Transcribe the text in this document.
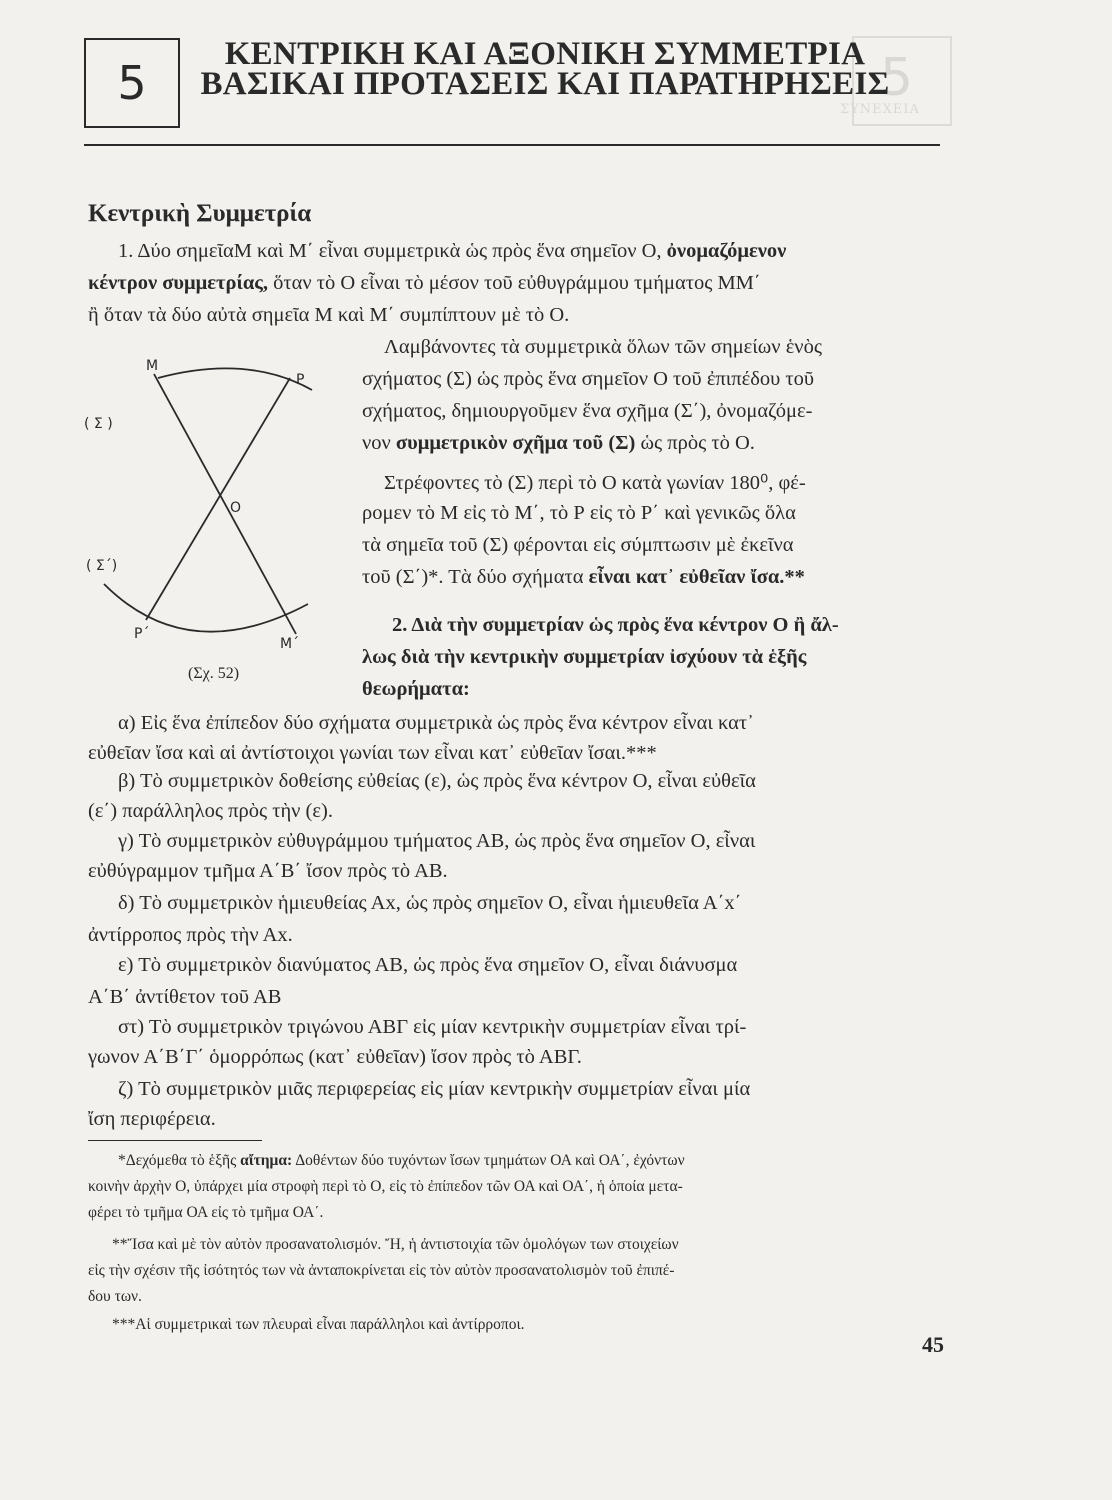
5
ΣΥΝΕΧΕΙΑ
5
ΚΕΝΤΡΙΚΗ ΚΑΙ ΑΞΟΝΙΚΗ ΣΥΜΜΕΤΡΙΑ
ΒΑΣΙΚΑΙ ΠΡΟΤΑΣΕΙΣ ΚΑΙ ΠΑΡΑΤΗΡΗΣΕΙΣ
Κεντρικὴ Συμμετρία
1. Δύο σημεῖαΜ καὶ Μ΄ εἶναι συμμετρικὰ ὡς πρὸς ἕνα σημεῖον Ο, ὀνομαζόμενον
κέντρον συμμετρίας, ὅταν τὸ Ο εἶναι τὸ μέσον τοῦ εὐθυγράμμου τμήματος ΜΜ΄
ἢ ὅταν τὰ δύο αὐτὰ σημεῖα Μ καὶ Μ΄ συμπίπτουν μὲ τὸ Ο.
Λαμβάνοντες τὰ συμμετρικὰ ὅλων τῶν σημείων ἑνὸς
σχήματος (Σ) ὡς πρὸς ἕνα σημεῖον Ο τοῦ ἐπιπέδου τοῦ
σχήματος, δημιουργοῦμεν ἕνα σχῆμα (Σ΄), ὀνομαζόμε-
νον συμμετρικὸν σχῆμα τοῦ (Σ) ὡς πρὸς τὸ Ο.
Στρέφοντες τὸ (Σ) περὶ τὸ Ο κατὰ γωνίαν 180⁰, φέ-
ρομεν τὸ Μ εἰς τὸ Μ΄, τὸ Ρ εἰς τὸ Ρ΄ καὶ γενικῶς ὅλα
τὰ σημεῖα τοῦ (Σ) φέρονται εἰς σύμπτωσιν μὲ ἐκεῖνα
τοῦ (Σ΄)*. Τὰ δύο σχήματα εἶναι κατ᾽ εὐθεῖαν ἴσα.**
2. Διὰ τὴν συμμετρίαν ὡς πρὸς ἕνα κέντρον Ο ἢ ἄλ-
λως διὰ τὴν κεντρικὴν συμμετρίαν ἰσχύουν τὰ ἑξῆς
θεωρήματα:
M
P
O
P΄
M΄
( Σ )
( Σ΄)
(Σχ. 52)
α) Εἰς ἕνα ἐπίπεδον δύο σχήματα συμμετρικὰ ὡς πρὸς ἕνα κέντρον εἶναι κατ᾽
εὐθεῖαν ἴσα καὶ αἱ ἀντίστοιχοι γωνίαι των εἶναι κατ᾽ εὐθεῖαν ἴσαι.***
β) Τὸ συμμετρικὸν δοθείσης εὐθείας (ε), ὡς πρὸς ἕνα κέντρον Ο, εἶναι εὐθεῖα
(ε΄) παράλληλος πρὸς τὴν (ε).
γ) Τὸ συμμετρικὸν εὐθυγράμμου τμήματος ΑΒ, ὡς πρὸς ἕνα σημεῖον Ο, εἶναι
εὐθύγραμμον τμῆμα Α΄Β΄ ἴσον πρὸς τὸ ΑΒ.
δ) Τὸ συμμετρικὸν ἡμιευθείας Αx, ὡς πρὸς σημεῖον Ο, εἶναι ἡμιευθεῖα Α΄x΄
ἀντίρροπος πρὸς τὴν Αx.
ε) Τὸ συμμετρικὸν διανύματος ΑΒ, ὡς πρὸς ἕνα σημεῖον Ο, εἶναι διάνυσμα
Α΄Β΄ ἀντίθετον τοῦ ΑΒ
στ) Τὸ συμμετρικὸν τριγώνου ΑΒΓ εἰς μίαν κεντρικὴν συμμετρίαν εἶναι τρί-
γωνον Α΄Β΄Γ΄ ὁμορρόπως (κατ᾽ εὐθεῖαν) ἴσον πρὸς τὸ ΑΒΓ.
ζ) Τὸ συμμετρικὸν μιᾶς περιφερείας εἰς μίαν κεντρικὴν συμμετρίαν εἶναι μία
ἴση περιφέρεια.
*Δεχόμεθα τὸ ἑξῆς αἴτημα: Δοθέντων δύο τυχόντων ἴσων τμημάτων ΟΑ καὶ ΟΑ΄, ἐχόντων
κοινὴν ἀρχὴν Ο, ὑπάρχει μία στροφὴ περὶ τὸ Ο, εἰς τὸ ἐπίπεδον τῶν ΟΑ καὶ ΟΑ΄, ἡ ὁποία μετα-
φέρει τὸ τμῆμα ΟΑ εἰς τὸ τμῆμα ΟΑ΄.
**Ἴσα καὶ μὲ τὸν αὐτὸν προσανατολισμόν. Ἤ, ἡ ἀντιστοιχία τῶν ὁμολόγων των στοιχείων
εἰς τὴν σχέσιν τῆς ἰσότητός των νὰ ἀνταποκρίνεται εἰς τὸν αὐτὸν προσανατολισμὸν τοῦ ἐπιπέ-
δου των.
***Αἱ συμμετρικαὶ των πλευραὶ εἶναι παράλληλοι καὶ ἀντίρροποι.
45
